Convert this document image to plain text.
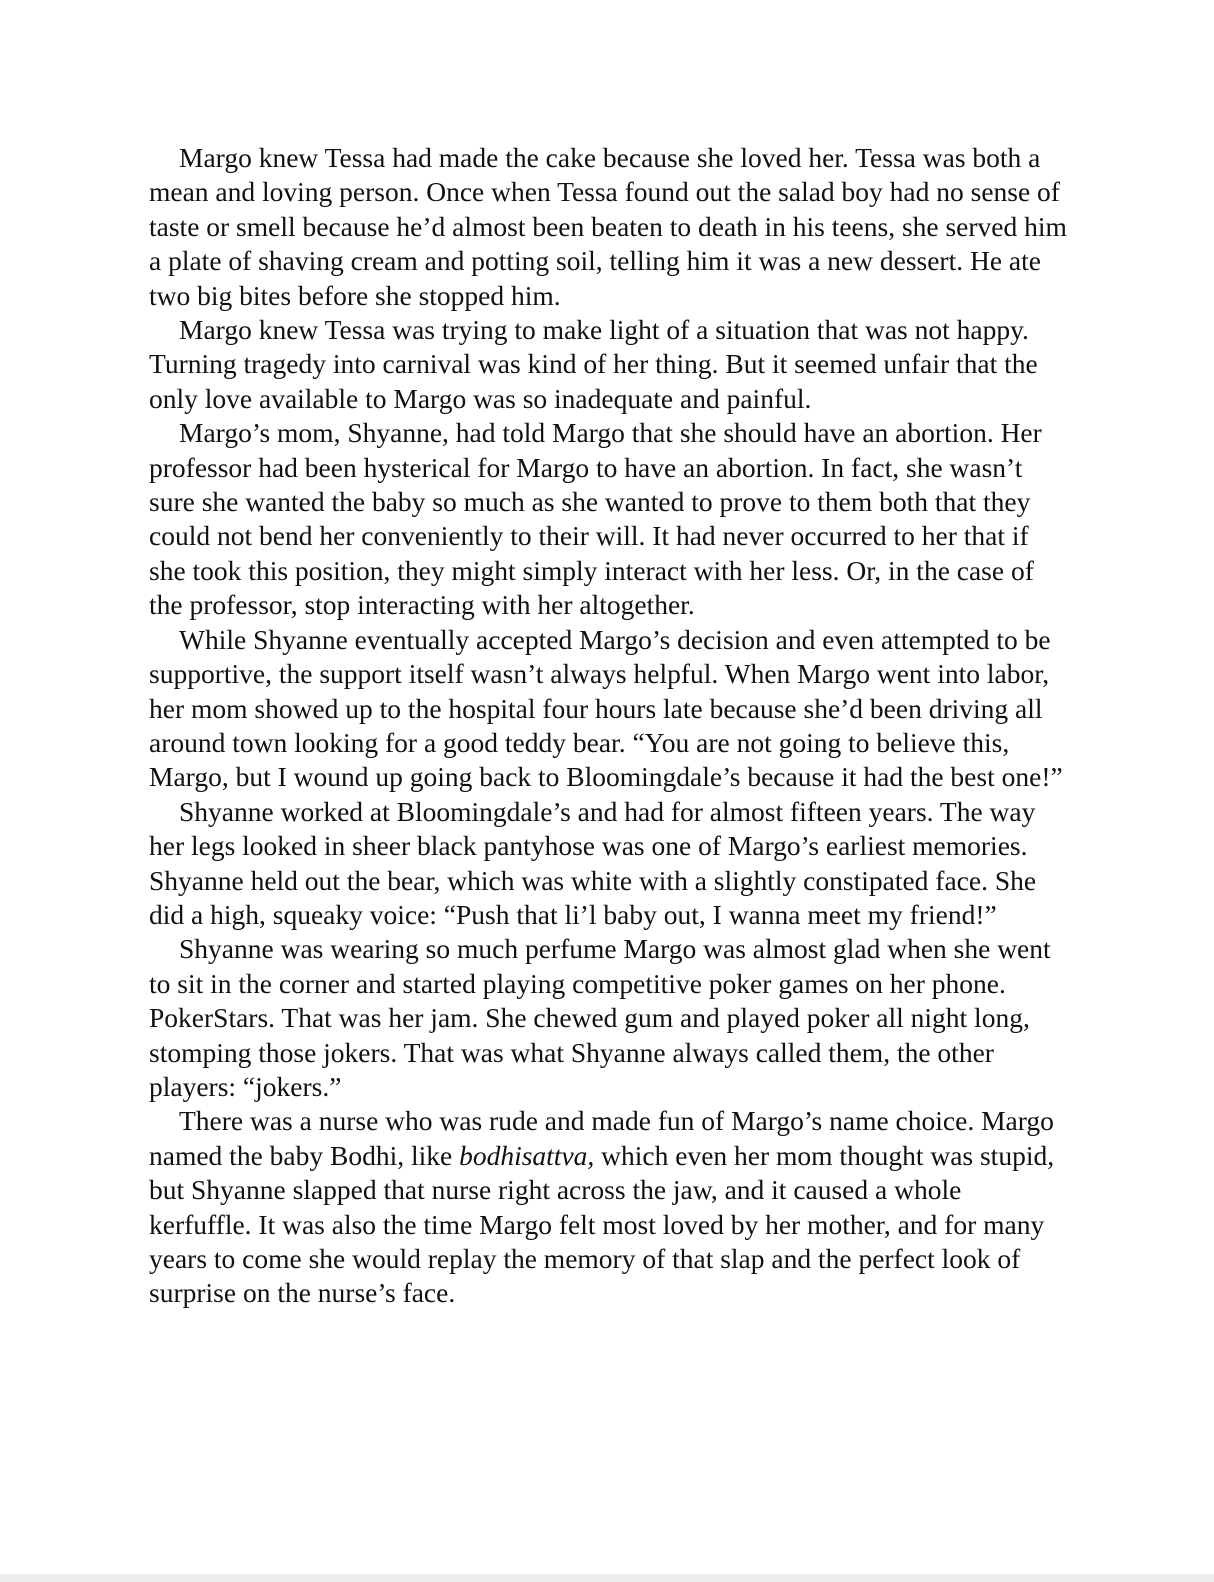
Margo knew Tessa had made the cake because she loved her. Tessa was both a mean and loving person. Once when Tessa found out the salad boy had no sense of taste or smell because he’d almost been beaten to death in his teens, she served him a plate of shaving cream and potting soil, telling him it was a new dessert. He ate two big bites before she stopped him.

Margo knew Tessa was trying to make light of a situation that was not happy. Turning tragedy into carnival was kind of her thing. But it seemed unfair that the only love available to Margo was so inadequate and painful.

Margo’s mom, Shyanne, had told Margo that she should have an abortion. Her professor had been hysterical for Margo to have an abortion. In fact, she wasn’t sure she wanted the baby so much as she wanted to prove to them both that they could not bend her conveniently to their will. It had never occurred to her that if she took this position, they might simply interact with her less. Or, in the case of the professor, stop interacting with her altogether.

While Shyanne eventually accepted Margo’s decision and even attempted to be supportive, the support itself wasn’t always helpful. When Margo went into labor, her mom showed up to the hospital four hours late because she’d been driving all around town looking for a good teddy bear. “You are not going to believe this, Margo, but I wound up going back to Bloomingdale’s because it had the best one!”

Shyanne worked at Bloomingdale’s and had for almost fifteen years. The way her legs looked in sheer black pantyhose was one of Margo’s earliest memories. Shyanne held out the bear, which was white with a slightly constipated face. She did a high, squeaky voice: “Push that li’l baby out, I wanna meet my friend!”

Shyanne was wearing so much perfume Margo was almost glad when she went to sit in the corner and started playing competitive poker games on her phone. PokerStars. That was her jam. She chewed gum and played poker all night long, stomping those jokers. That was what Shyanne always called them, the other players: “jokers.”

There was a nurse who was rude and made fun of Margo’s name choice. Margo named the baby Bodhi, like bodhisattva, which even her mom thought was stupid, but Shyanne slapped that nurse right across the jaw, and it caused a whole kerfuffle. It was also the time Margo felt most loved by her mother, and for many years to come she would replay the memory of that slap and the perfect look of surprise on the nurse’s face.
